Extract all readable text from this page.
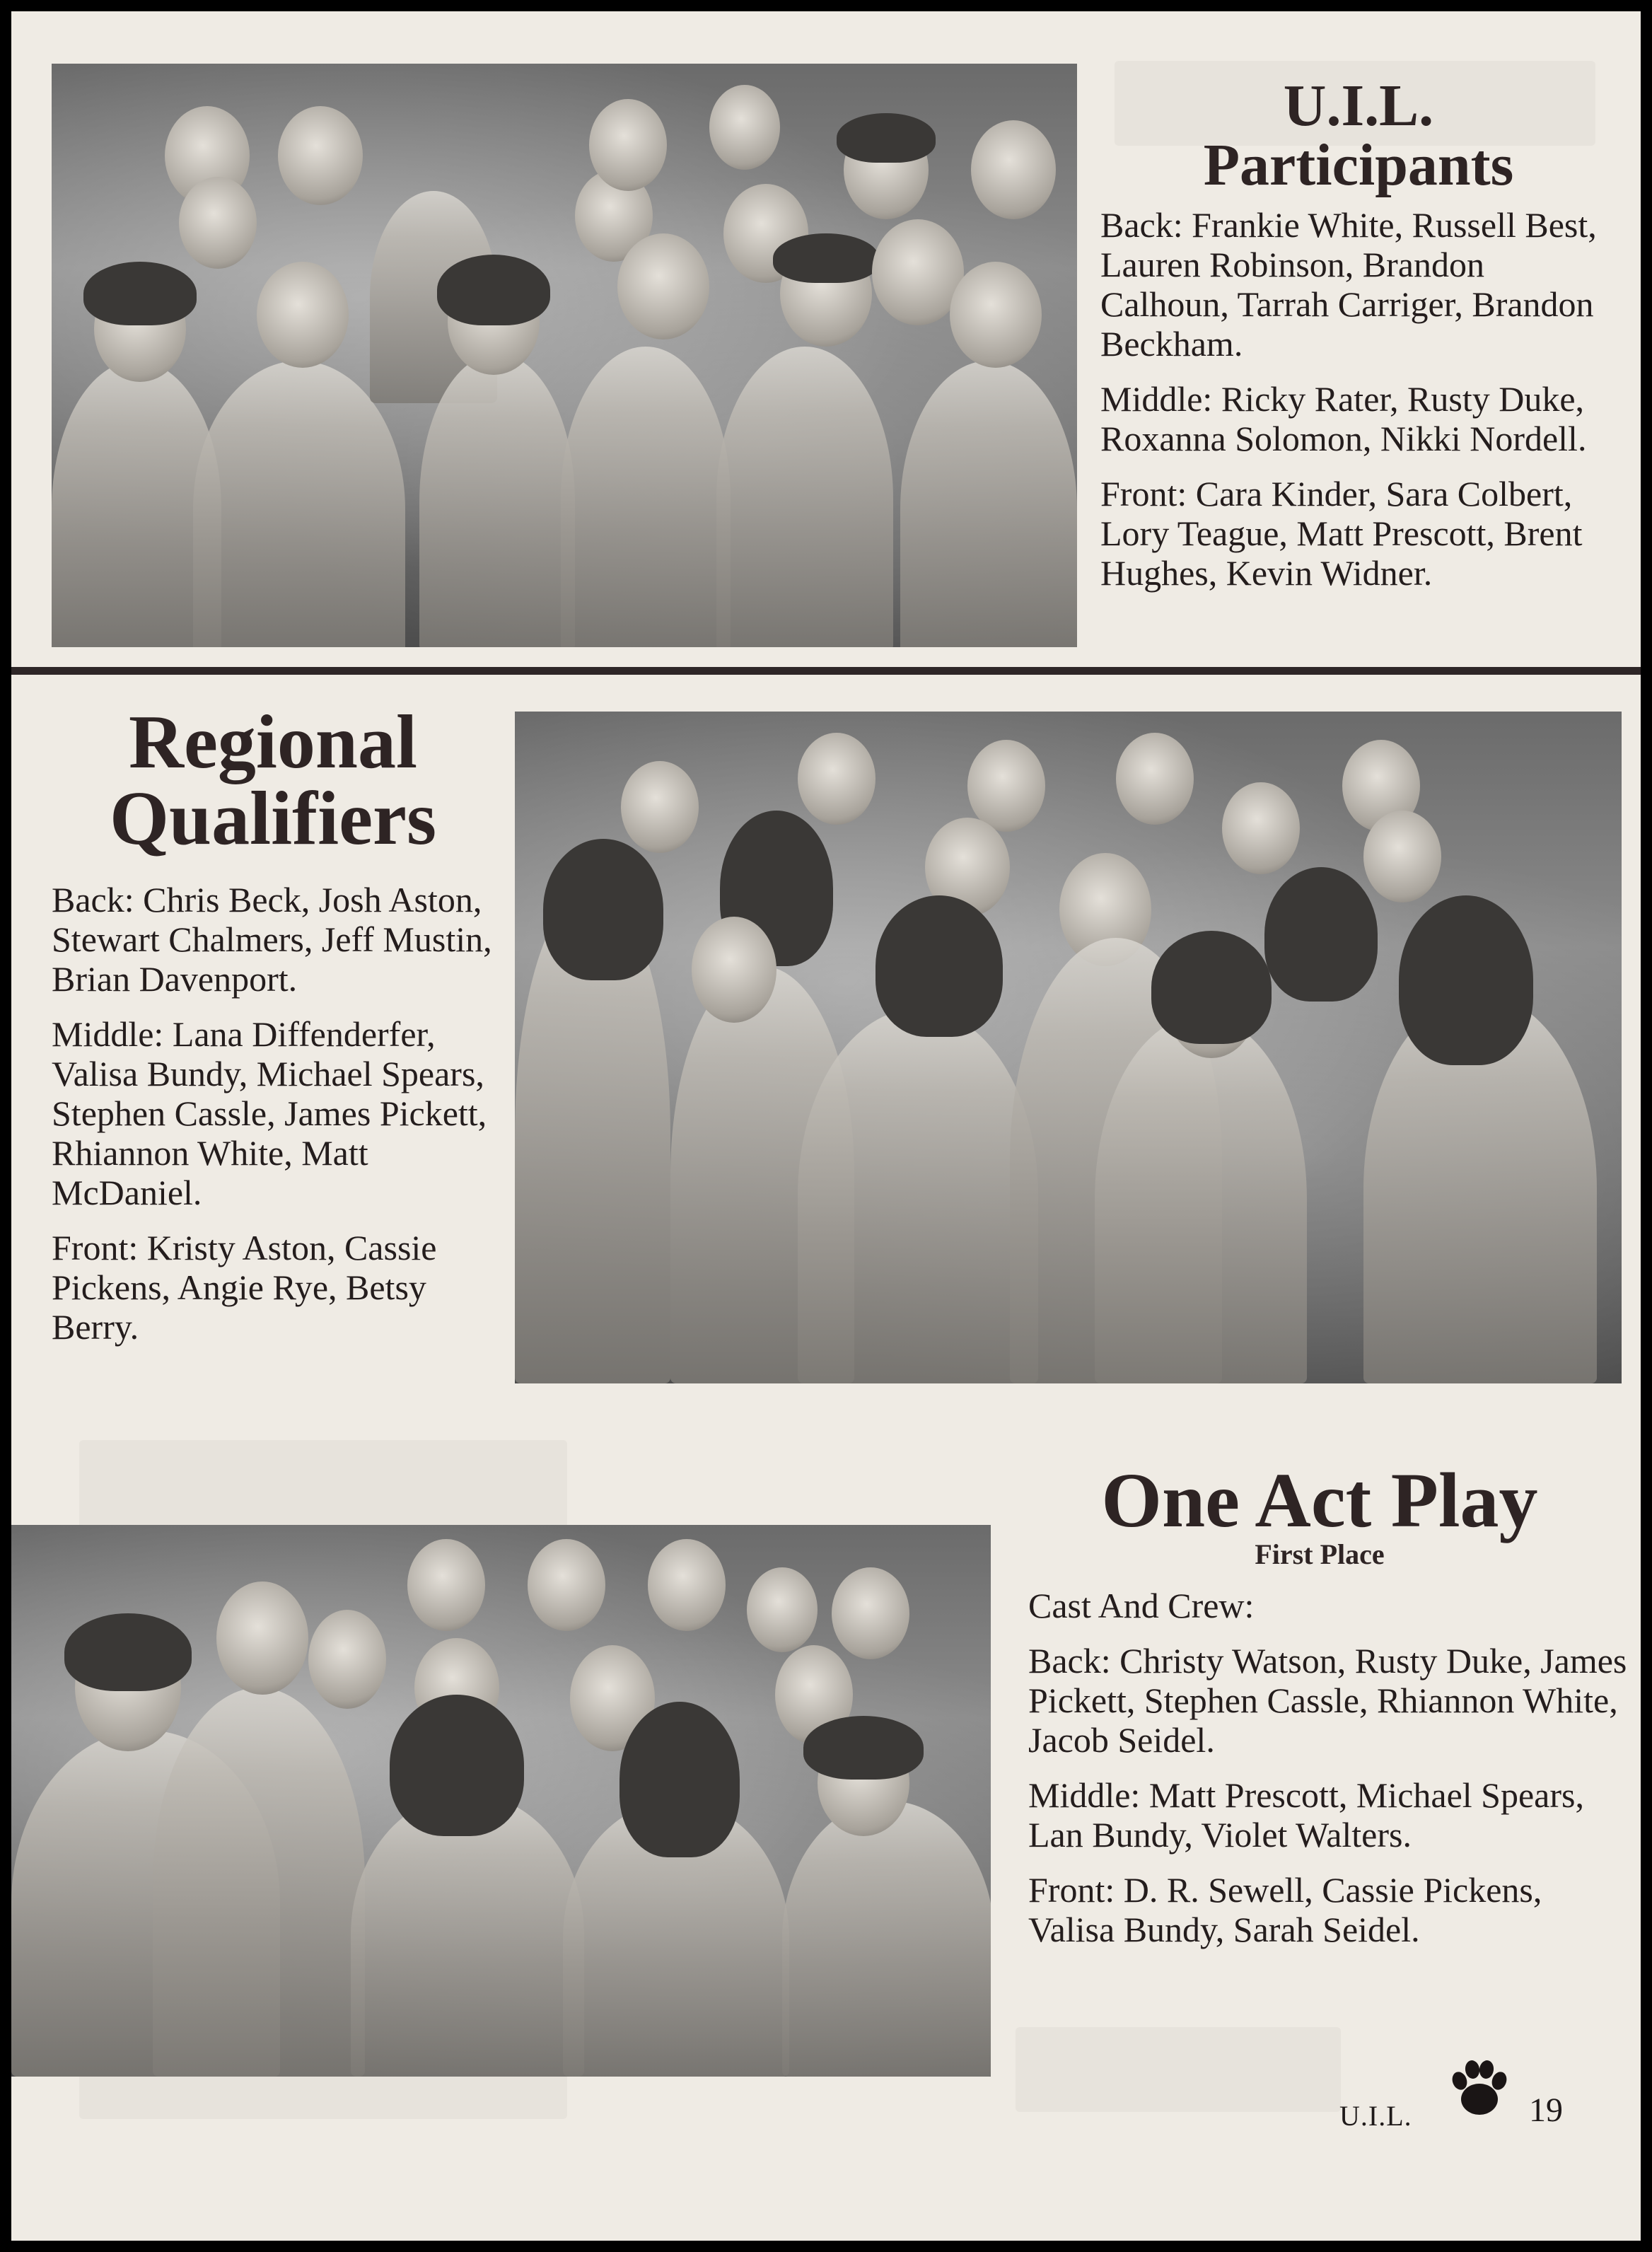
U.I.L.
Participants

Back: Frankie White, Russell Best, Lauren Robinson, Brandon Calhoun, Tarrah Carriger, Brandon Beckham.

Middle: Ricky Rater, Rusty Duke, Roxanna Solomon, Nikki Nordell.

Front: Cara Kinder, Sara Colbert, Lory Teague, Matt Prescott, Brent Hughes, Kevin Widner.

Regional
Qualifiers

Back: Chris Beck, Josh Aston, Stewart Chalmers, Jeff Mustin, Brian Davenport.

Middle: Lana Diffenderfer, Valisa Bundy, Michael Spears, Stephen Cassle, James Pickett, Rhiannon White, Matt McDaniel.

Front: Kristy Aston, Cassie Pickens, Angie Rye, Betsy Berry.

One Act Play
First Place

Cast And Crew:

Back: Christy Watson, Rusty Duke, James Pickett, Stephen Cassle, Rhiannon White, Jacob Seidel.

Middle: Matt Prescott, Michael Spears, Lan Bundy, Violet Walters.

Front: D. R. Sewell, Cassie Pickens, Valisa Bundy, Sarah Seidel.

U.I.L.	19
